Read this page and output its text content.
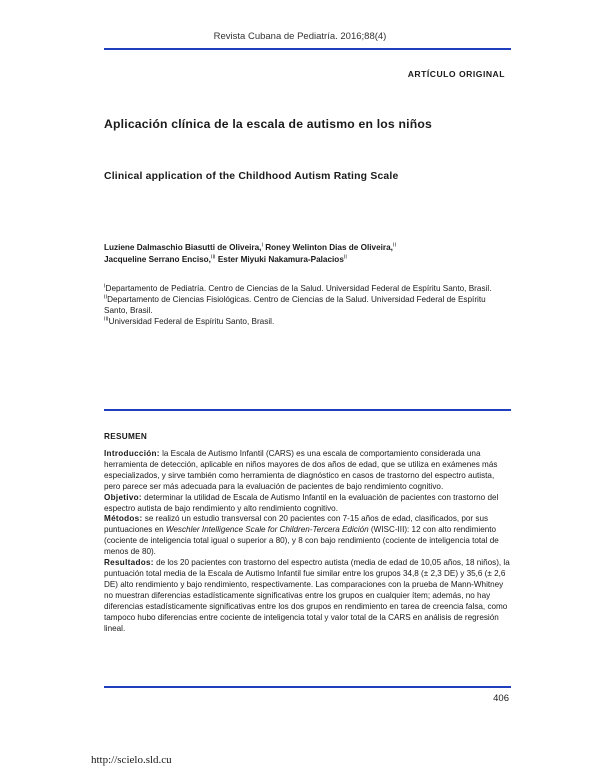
Revista Cubana de Pediatría. 2016;88(4)
ARTÍCULO ORIGINAL
Aplicación clínica de la escala de autismo en los niños
Clinical application of the Childhood Autism Rating Scale
Luziene Dalmaschio Biasutti de Oliveira,$^I$ Roney Welinton Dias de Oliveira,$^{II}$
Jacqueline Serrano Enciso,$^{III}$ Ester Miyuki Nakamura-Palacios$^{II}$

$^I$Departamento de Pediatría. Centro de Ciencias de la Salud. Universidad Federal de Espíritu Santo, Brasil.

$^{II}$Departamento de Ciencias Fisiológicas. Centro de Ciencias de la Salud. Universidad Federal de Espíritu Santo, Brasil.

$^{III}$Universidad Federal de Espíritu Santo, Brasil.

RESUMEN

Introducción: la Escala de Autismo Infantil (CARS) es una escala de comportamiento considerada una herramienta de detección, aplicable en niños mayores de dos años de edad, que se utiliza en exámenes más especializados, y sirve también como herramienta de diagnóstico en casos de trastorno del espectro autista, pero parece ser más adecuada para la evaluación de pacientes de bajo rendimiento cognitivo.

Objetivo: determinar la utilidad de Escala de Autismo Infantil en la evaluación de pacientes con trastorno del espectro autista de bajo rendimiento y alto rendimiento cognitivo.

Métodos: se realizó un estudio transversal con 20 pacientes con 7-15 años de edad, clasificados, por sus puntuaciones en Weschler Intelligence Scale for Children-Tercera Edición (WISC-III): 12 con alto rendimiento (cociente de inteligencia total igual o superior a 80), y 8 con bajo rendimiento (cociente de inteligencia total de menos de 80).

Resultados: de los 20 pacientes con trastorno del espectro autista (media de edad de 10,05 años, 18 niños), la puntuación total media de la Escala de Autismo Infantil fue similar entre los grupos 34,8 (± 2,3 DE) y 35,6 (± 2,6 DE) alto rendimiento y bajo rendimiento, respectivamente. Las comparaciones con la prueba de Mann-Whitney no muestran diferencias estadísticamente significativas entre los grupos en cualquier ítem; además, no hay diferencias estadísticamente significativas entre los dos grupos en rendimiento en tarea de creencia falsa, como tampoco hubo diferencias entre cociente de inteligencia total y valor total de la CARS en análisis de regresión lineal.

406
http://scielo.sld.cu
